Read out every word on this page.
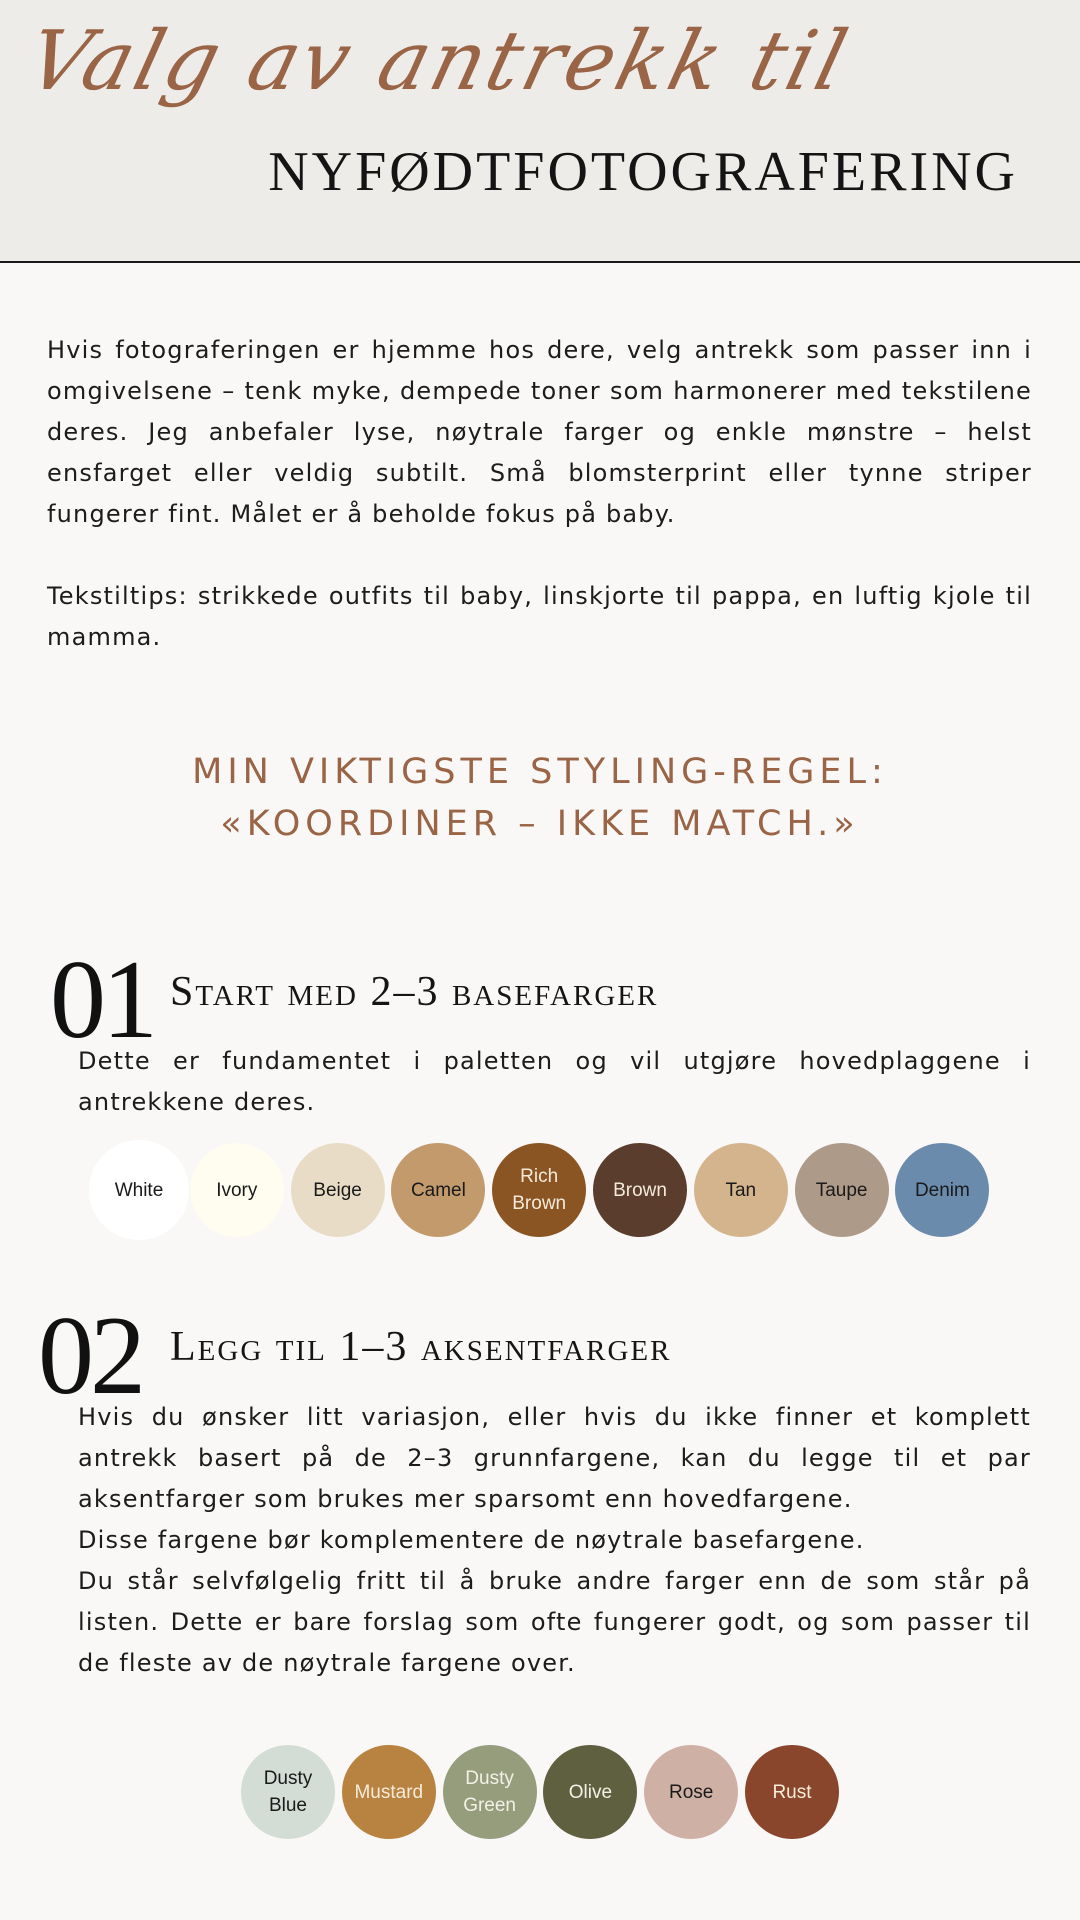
Valg av antrekk til
NYFØDTFOTOGRAFERING

Hvis fotograferingen er hjemme hos dere, velg antrekk som passer inn i omgivelsene – tenk myke, dempede toner som harmonerer med tekstilene deres. Jeg anbefaler lyse, nøytrale farger og enkle mønstre – helst ensfarget eller veldig subtilt. Små blomsterprint eller tynne striper fungerer fint. Målet er å beholde fokus på baby.

Tekstiltips: strikkede outfits til baby, linskjorte til pappa, en luftig kjole til mamma.

MIN VIKTIGSTE STYLING-REGEL:
«KOORDINER – IKKE MATCH.»
01 Start med 2–3 basefarger

Dette er fundamentet i paletten og vil utgjøre hovedplaggene i antrekkene deres.

White	Ivory	Beige	Camel
Rich
Brown
Brown	Tan	Taupe	Denim
02 Legg til 1–3 aksentfarger

Hvis du ønsker litt variasjon, eller hvis du ikke finner et komplett antrekk basert på de 2–3 grunnfargene, kan du legge til et par aksentfarger som brukes mer sparsomt enn hovedfargene.
Disse fargene bør komplementere de nøytrale basefargene.
Du står selvfølgelig fritt til å bruke andre farger enn de som står på listen. Dette er bare forslag som ofte fungerer godt, og som passer til de fleste av de nøytrale fargene over.

Dusty
Blue
Mustard
Dusty
Green
Olive	Rose	Rust
